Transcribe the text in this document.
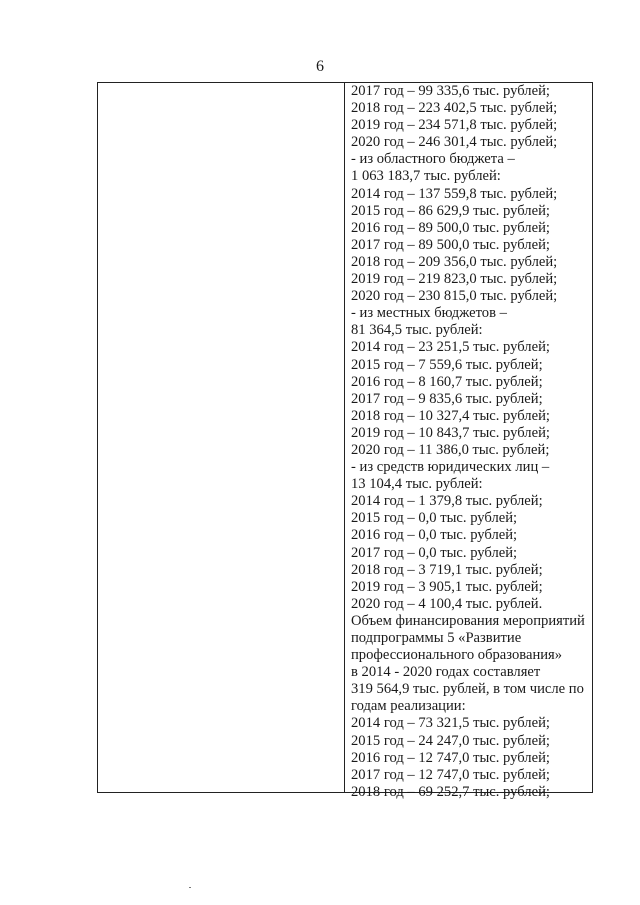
6
2017 год – 99 335,6 тыс. рублей;
2018 год – 223 402,5 тыс. рублей;
2019 год – 234 571,8 тыс. рублей;
2020 год – 246 301,4 тыс. рублей;
- из областного бюджета –
1 063 183,7 тыс. рублей:
2014 год – 137 559,8 тыс. рублей;
2015 год – 86 629,9 тыс. рублей;
2016 год – 89 500,0 тыс. рублей;
2017 год – 89 500,0 тыс. рублей;
2018 год – 209 356,0 тыс. рублей;
2019 год – 219 823,0 тыс. рублей;
2020 год – 230 815,0 тыс. рублей;
- из местных бюджетов –
81 364,5 тыс. рублей:
2014 год – 23 251,5 тыс. рублей;
2015 год – 7 559,6 тыс. рублей;
2016 год – 8 160,7 тыс. рублей;
2017 год – 9 835,6 тыс. рублей;
2018 год – 10 327,4 тыс. рублей;
2019 год – 10 843,7 тыс. рублей;
2020 год – 11 386,0 тыс. рублей;
- из средств юридических лиц –
13 104,4 тыс. рублей:
2014 год – 1 379,8 тыс. рублей;
2015 год – 0,0 тыс. рублей;
2016 год – 0,0 тыс. рублей;
2017 год – 0,0 тыс. рублей;
2018 год – 3 719,1 тыс. рублей;
2019 год – 3 905,1 тыс. рублей;
2020 год – 4 100,4 тыс. рублей.
Объем финансирования мероприятий
подпрограммы 5 «Развитие
профессионального образования»
в 2014 - 2020 годах составляет
319 564,9 тыс. рублей, в том числе по
годам реализации:
2014 год – 73 321,5 тыс. рублей;
2015 год – 24 247,0 тыс. рублей;
2016 год – 12 747,0 тыс. рублей;
2017 год – 12 747,0 тыс. рублей;
2018 год – 69 252,7 тыс. рублей;
